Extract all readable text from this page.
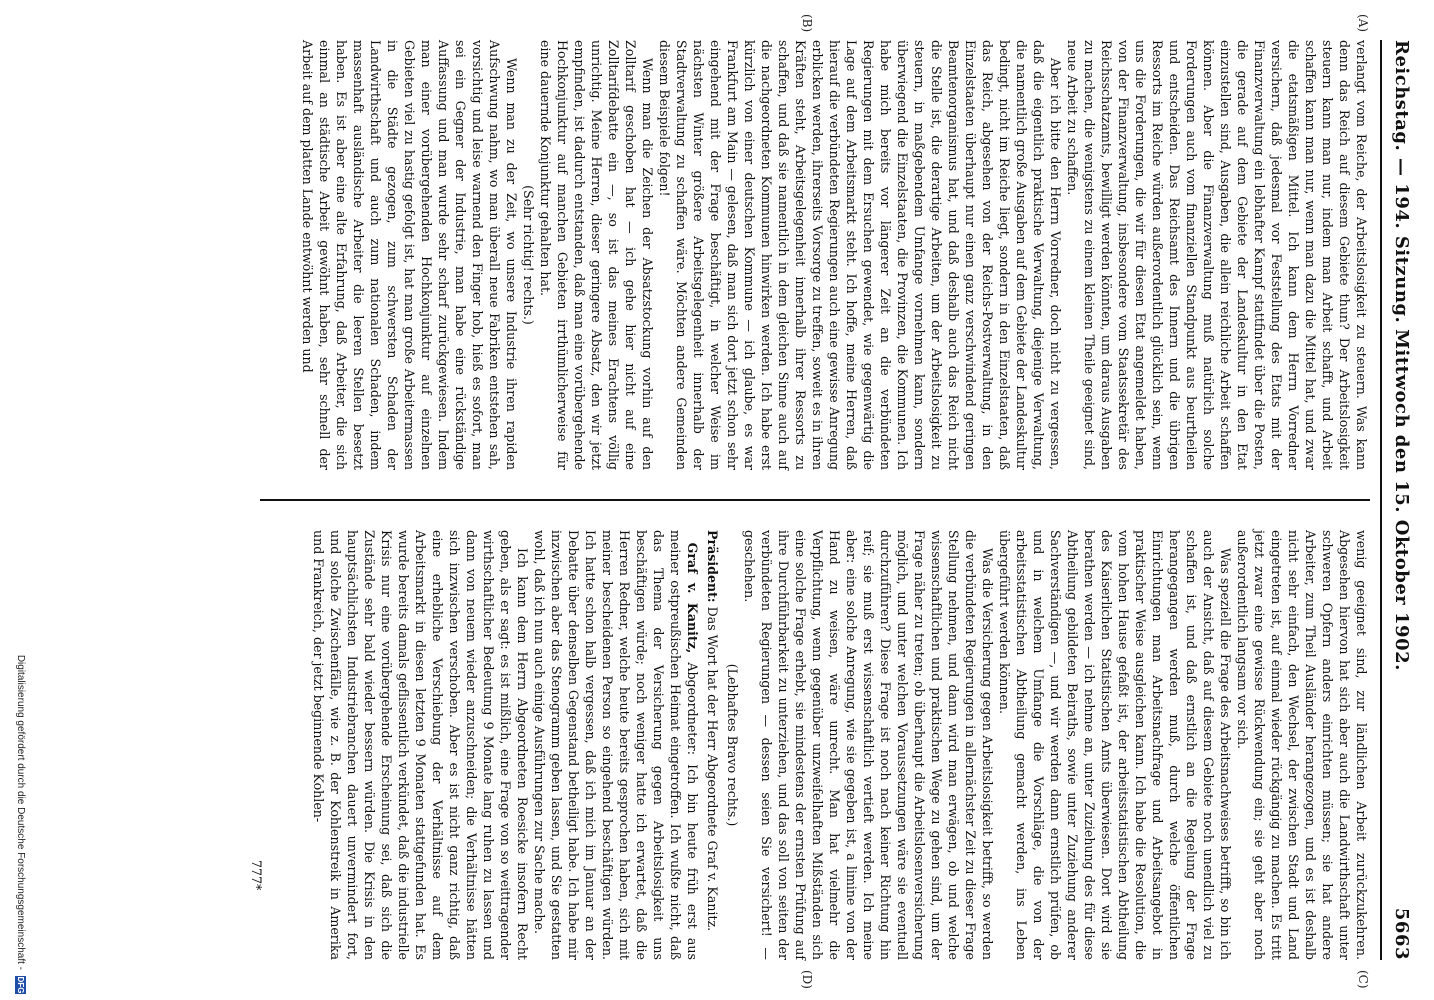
Reichstag. — 194. Sitzung.
Mittwoch den 15. Oktober 1902.
5663
(A)
(B)
(C)
(D)

verlangt vom Reiche, der Arbeitslosigkeit zu steuern. Was kann denn das Reich auf diesem Gebiete thun? Der Arbeitslosigkeit steuern kann man nur, indem man Arbeit schafft, und Arbeit schaffen kann man nur, wenn man dazu die Mittel hat, und zwar die etatsmäßigen Mittel. Ich kann dem Herrn Vorredner versichern, daß jedesmal vor Feststellung des Etats mit der Finanzverwaltung ein lebhafter Kampf stattfindet über die Posten, die gerade auf dem Gebiete der Landeskultur in den Etat einzustellen sind, Ausgaben, die allein reichliche Arbeit schaffen können. Aber die Finanzverwaltung muß natürlich solche Forderungen auch vom finanziellen Standpunkt aus beurtheilen und entscheiden. Das Reichsamt des Innern und die übrigen Ressorts im Reiche würden außerordentlich glücklich sein, wenn uns die Forderungen, die wir für diesen Etat angemeldet haben, von der Finanzverwaltung, insbesondere vom Staatssekretär des Reichsschatzamts, bewilligt werden könnten, um daraus Ausgaben zu machen, die wenigstens zu einem kleinen Theile geeignet sind, neue Arbeit zu schaffen.

Aber ich bitte den Herrn Vorredner, doch nicht zu vergessen, daß die eigentlich praktische Verwaltung, diejenige Verwaltung, die namentlich große Ausgaben auf dem Gebiete der Landeskultur bedingt, nicht im Reiche liegt, sondern in den Einzelstaaten, daß das Reich, abgesehen von der Reichs-Postverwaltung, in den Einzelstaaten überhaupt nur einen ganz verschwindend geringen Beamtenorganismus hat, und daß deshalb auch das Reich nicht die Stelle ist, die derartige Arbeiten, um der Arbeitslosigkeit zu steuern, in maßgebendem Umfange vornehmen kann, sondern überwiegend die Einzelstaaten, die Provinzen, die Kommunen. Ich habe mich bereits vor längerer Zeit an die verbündeten Regierungen mit dem Ersuchen gewendet, wie gegenwärtig die Lage auf dem Arbeitsmarkt steht. Ich hoffe, meine Herren, daß hierauf die verbündeten Regierungen auch eine gewisse Anregung erblicken werden, ihrerseits Vorsorge zu treffen, soweit es in ihren Kräften steht, Arbeitsgelegenheit innerhalb ihrer Ressorts zu schaffen, und daß sie namentlich in dem gleichen Sinne auch auf die nachgeordneten Kommunen hinwirken werden. Ich habe erst kürzlich von einer deutschen Kommune — ich glaube, es war Frankfurt am Main — gelesen, daß man sich dort jetzt schon sehr eingehend mit der Frage beschäftigt, in welcher Weise im nächsten Winter größere Arbeitsgelegenheit innerhalb der Stadtverwaltung zu schaffen wäre. Möchten andere Gemeinden diesem Beispiele folgen!

Wenn man die Zeichen der Absatzstockung vorhin auf den Zolltarif geschoben hat — ich gehe hier nicht auf eine Zolltarifdebatte ein —, so ist das meines Erachtens völlig unrichtig. Meine Herren, dieser geringere Absatz, den wir jetzt empfinden, ist dadurch entstanden, daß man eine vorübergehende Hochkonjunktur auf manchen Gebieten irrthümlicherweise für eine dauernde Konjunktur gehalten hat.

(Sehr richtig! rechts.)

Wenn man zu der Zeit, wo unsere Industrie ihren rapiden Aufschwung nahm, wo man überall neue Fabriken entstehen sah, vorsichtig und leise warnend den Finger hob, hieß es sofort, man sei ein Gegner der Industrie, man habe eine rückständige Auffassung und man wurde sehr scharf zurückgewiesen. Indem man einer vorübergehenden Hochkonjunktur auf einzelnen Gebieten viel zu hastig gefolgt ist, hat man große Arbeitermassen in die Städte gezogen, zum schwersten Schaden der Landwirthschaft und auch zum nationalen Schaden, indem massenhaft ausländische Arbeiter die leeren Stellen besetzt haben. Es ist aber eine alte Erfahrung, daß Arbeiter, die sich einmal an städtische Arbeit gewöhnt haben, sehr schnell der Arbeit auf dem platten Lande entwöhnt werden und

wenig geeignet sind, zur ländlichen Arbeit zurückzukehren. Abgesehen hiervon hat sich aber auch die Landwirthschaft unter schweren Opfern anders einrichten müssen; sie hat andere Arbeiter, zum Theil Ausländer herangezogen, und es ist deshalb nicht sehr einfach, den Wechsel, der zwischen Stadt und Land eingetreten ist, auf einmal wieder rückgängig zu machen. Es tritt jetzt zwar eine gewisse Rückwendung ein; sie geht aber noch außerordentlich langsam vor sich.

Was speziell die Frage des Arbeitsnachweises betrifft, so bin ich auch der Ansicht, daß auf diesem Gebiete noch unendlich viel zu schaffen ist, und daß ernstlich an die Regelung der Frage herangegangen werden muß, durch welche öffentlichen Einrichtungen man Arbeitsnachfrage und Arbeitsangebot in praktischer Weise ausgleichen kann. Ich habe die Resolution, die vom hohen Hause gefaßt ist, der arbeitsstatistischen Abtheilung des Kaiserlichen Statistischen Amts überwiesen. Dort wird sie berathen werden — ich nehme an, unter Zuziehung des für diese Abtheilung gebildeten Beiraths, sowie unter Zuziehung anderer Sachverständigen —, und wir werden dann ernstlich prüfen, ob und in welchem Umfange die Vorschläge, die von der arbeitsstatistischen Abtheilung gemacht werden, ins Leben übergeführt werden können.

Was die Versicherung gegen Arbeitslosigkeit betrifft, so werden die verbündeten Regierungen in allernächster Zeit zu dieser Frage Stellung nehmen, und dann wird man erwägen, ob und welche wissenschaftlichen und praktischen Wege zu gehen sind, um der Frage näher zu treten; ob überhaupt die Arbeitslosenversicherung möglich, und unter welchen Voraussetzungen wäre sie eventuell durchzuführen? Diese Frage ist noch nach keiner Richtung hin reif; sie muß erst wissenschaftlich vertieft werden. Ich meine aber: eine solche Anregung, wie sie gegeben ist, a limine von der Hand zu weisen, wäre unrecht. Man hat vielmehr die Verpflichtung, wenn gegenüber unzweifelhaften Mißständen sich eine solche Frage erhebt, sie mindestens der ernsten Prüfung auf ihre Durchführbarkeit zu unterziehen, und das soll von seiten der verbündeten Regierungen — dessen seien Sie versichert! — geschehen.

(Lebhaftes Bravo rechts.)

Präsident: Das Wort hat der Herr Abgeordnete Graf v. Kanitz.

 Graf v. Kanitz, Abgeordneter: Ich bin heute früh erst aus meiner ostpreußischen Heimat eingetroffen. Ich wußte nicht, daß das Thema der Versicherung gegen Arbeitslosigkeit uns beschäftigen würde; noch weniger hatte ich erwartet, daß die Herren Redner, welche heute bereits gesprochen haben, sich mit meiner bescheidenen Person so eingehend beschäftigen würden. Ich hatte schon halb vergessen, daß ich mich im Januar an der Debatte über denselben Gegenstand betheiligt habe. Ich habe mir inzwischen aber das Stenogramm geben lassen, und Sie gestatten wohl, daß ich nun auch einige Ausführungen zur Sache mache.

Ich kann dem Herrn Abgeordneten Roesicke insofern Recht geben, als er sagt: es ist mißlich, eine Frage von so weittragender wirthschaftlicher Bedeutung 9 Monate lang ruhen zu lassen und dann von neuem wieder anzuschneiden; die Verhältnisse hätten sich inzwischen verschoben. Aber es ist nicht ganz richtig, daß eine erhebliche Verschiebung der Verhältnisse auf dem Arbeitsmarkt in diesen letzten 9 Monaten stattgefunden hat. Es wurde bereits damals geflissentlich verkündet, daß die industrielle Krisis nur eine vorübergehende Erscheinung sei, daß sich die Zustände sehr bald wieder bessern würden. Die Krisis in den hauptsächlichsten Industriebranchen dauert unvermindert fort, und solche Zwischenfälle, wie z. B. der Kohlenstreik in Amerika und Frankreich, der jetzt beginnende Kohlen-

777*
Digitalisierung gefördert durch die Deutsche Forschungsgemeinschaft -
DFG
